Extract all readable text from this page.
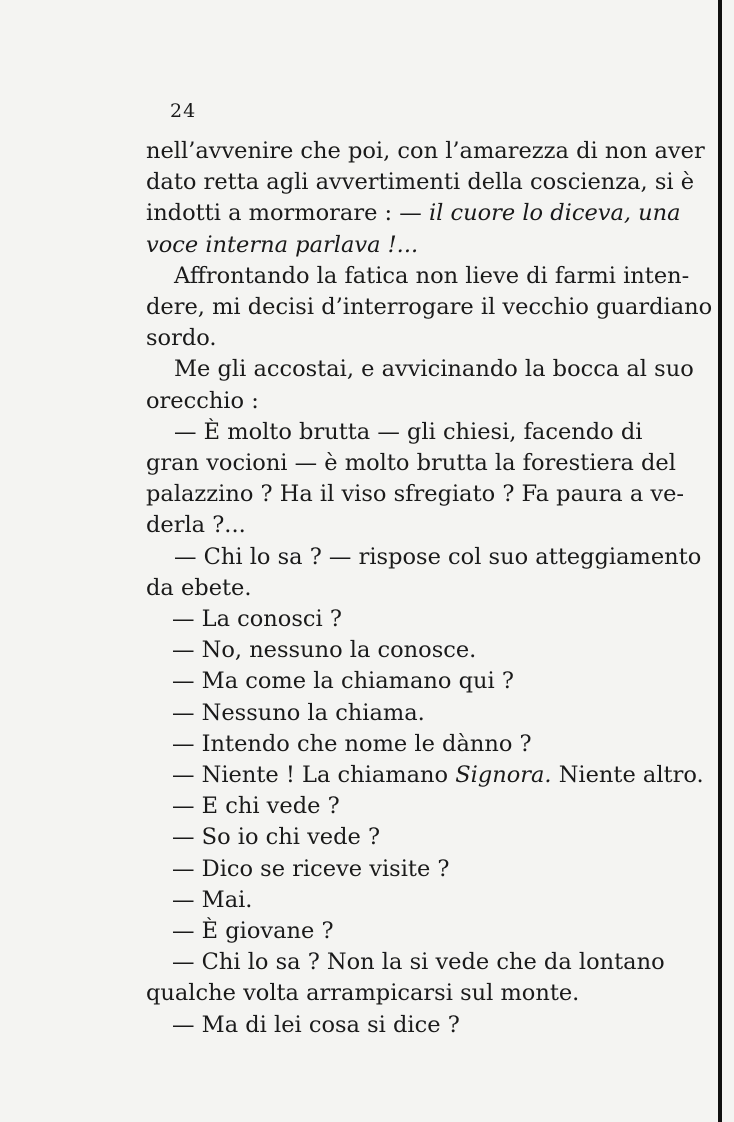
24
nell’avvenire che poi, con l’amarezza di non aver
dato retta agli avvertimenti della coscienza, si è
indotti a mormorare : — il cuore lo diceva, una
voce interna parlava !...
Affrontando la fatica non lieve di farmi inten-
dere, mi decisi d’interrogare il vecchio guardiano
sordo.
Me gli accostai, e avvicinando la bocca al suo
orecchio :
— È molto brutta — gli chiesi, facendo di
gran vocioni — è molto brutta la forestiera del
palazzino ? Ha il viso sfregiato ? Fa paura a ve-
derla ?...
— Chi lo sa ? — rispose col suo atteggiamento
da ebete.
— La conosci ?
— No, nessuno la conosce.
— Ma come la chiamano qui ?
— Nessuno la chiama.
— Intendo che nome le dànno ?
— Niente ! La chiamano Signora. Niente altro.
— E chi vede ?
— So io chi vede ?
— Dico se riceve visite ?
— Mai.
— È giovane ?
— Chi lo sa ? Non la si vede che da lontano
qualche volta arrampicarsi sul monte.
— Ma di lei cosa si dice ?
